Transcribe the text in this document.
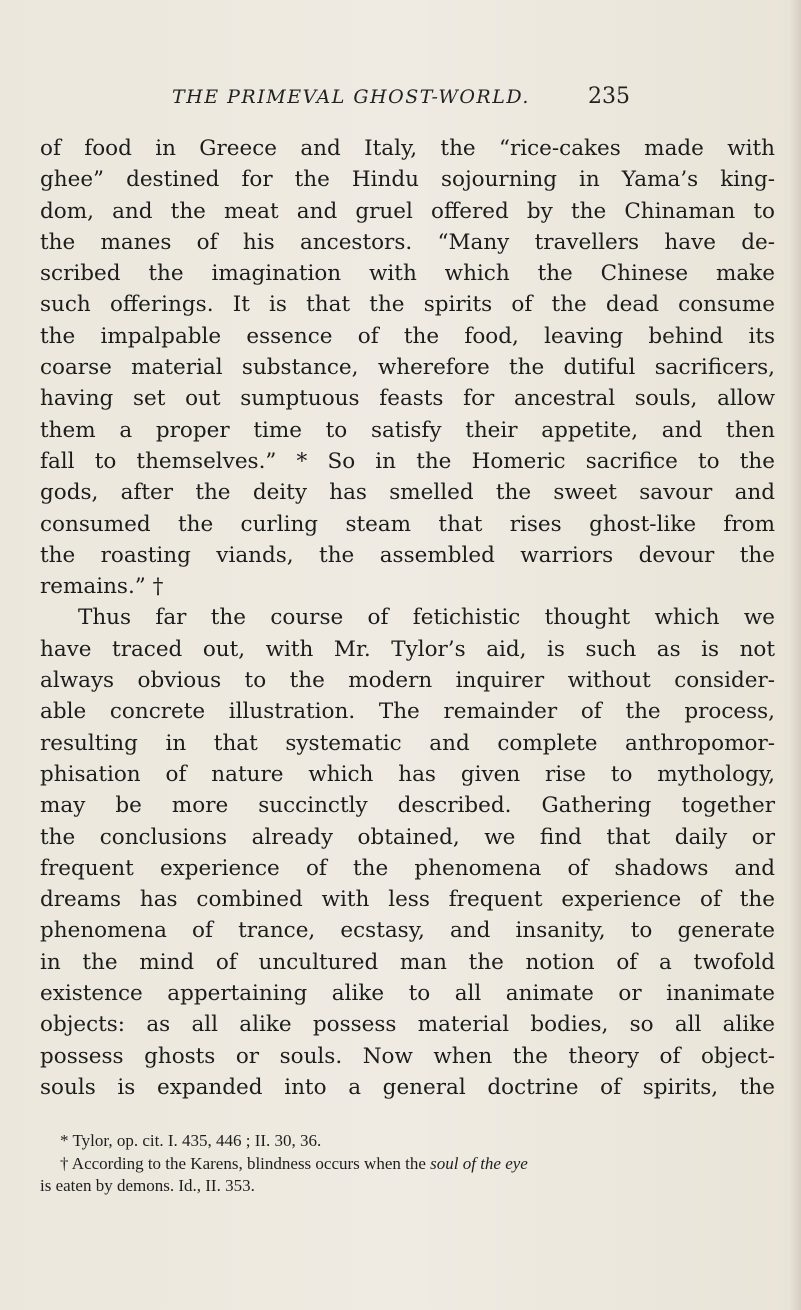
THE PRIMEVAL GHOST-WORLD.	235
of food in Greece and Italy, the “rice-cakes made with
ghee” destined for the Hindu sojourning in Yama’s king-
dom, and the meat and gruel offered by the Chinaman to
the manes of his ancestors. “Many travellers have de-
scribed the imagination with which the Chinese make
such offerings. It is that the spirits of the dead consume
the impalpable essence of the food, leaving behind its
coarse material substance, wherefore the dutiful sacrificers,
having set out sumptuous feasts for ancestral souls, allow
them a proper time to satisfy their appetite, and then
fall to themselves.” * So in the Homeric sacrifice to the
gods, after the deity has smelled the sweet savour and
consumed the curling steam that rises ghost-like from
the roasting viands, the assembled warriors devour the
remains.” †
Thus far the course of fetichistic thought which we
have traced out, with Mr. Tylor’s aid, is such as is not
always obvious to the modern inquirer without consider-
able concrete illustration. The remainder of the process,
resulting in that systematic and complete anthropomor-
phisation of nature which has given rise to mythology,
may be more succinctly described. Gathering together
the conclusions already obtained, we find that daily or
frequent experience of the phenomena of shadows and
dreams has combined with less frequent experience of the
phenomena of trance, ecstasy, and insanity, to generate
in the mind of uncultured man the notion of a twofold
existence appertaining alike to all animate or inanimate
objects: as all alike possess material bodies, so all alike
possess ghosts or souls. Now when the theory of object-
souls is expanded into a general doctrine of spirits, the
* Tylor, op. cit. I. 435, 446 ; II. 30, 36.
† According to the Karens, blindness occurs when the soul of the eye
is eaten by demons. Id., II. 353.
